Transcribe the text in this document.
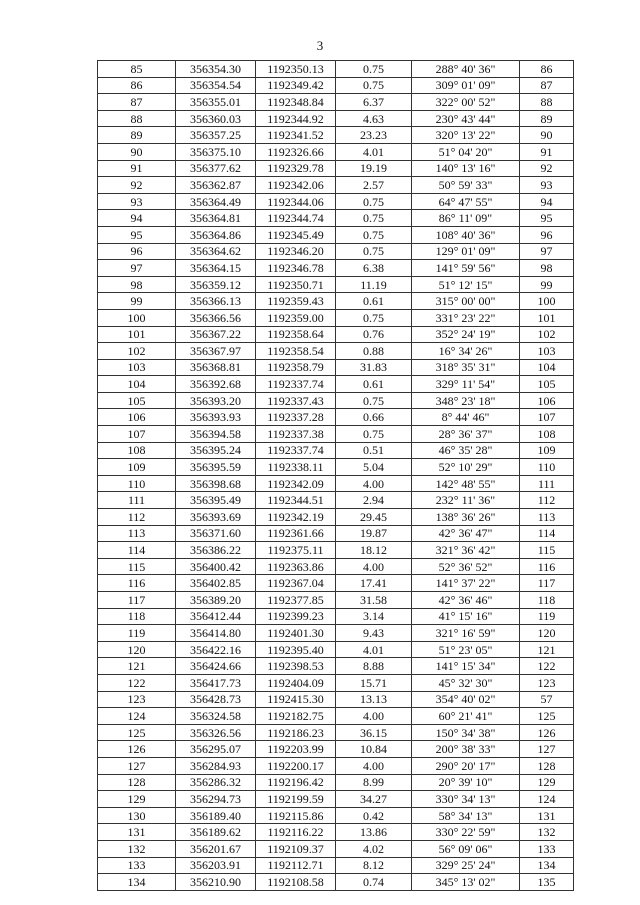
3
85	356354.30	1192350.13	0.75	288° 40' 36"	86
86	356354.54	1192349.42	0.75	309° 01' 09"	87
87	356355.01	1192348.84	6.37	322° 00' 52"	88
88	356360.03	1192344.92	4.63	230° 43' 44"	89
89	356357.25	1192341.52	23.23	320° 13' 22"	90
90	356375.10	1192326.66	4.01	51° 04' 20"	91
91	356377.62	1192329.78	19.19	140° 13' 16"	92
92	356362.87	1192342.06	2.57	50° 59' 33"	93
93	356364.49	1192344.06	0.75	64° 47' 55"	94
94	356364.81	1192344.74	0.75	86° 11' 09"	95
95	356364.86	1192345.49	0.75	108° 40' 36"	96
96	356364.62	1192346.20	0.75	129° 01' 09"	97
97	356364.15	1192346.78	6.38	141° 59' 56"	98
98	356359.12	1192350.71	11.19	51° 12' 15"	99
99	356366.13	1192359.43	0.61	315° 00' 00"	100
100	356366.56	1192359.00	0.75	331° 23' 22"	101
101	356367.22	1192358.64	0.76	352° 24' 19"	102
102	356367.97	1192358.54	0.88	16° 34' 26"	103
103	356368.81	1192358.79	31.83	318° 35' 31"	104
104	356392.68	1192337.74	0.61	329° 11' 54"	105
105	356393.20	1192337.43	0.75	348° 23' 18"	106
106	356393.93	1192337.28	0.66	8° 44' 46"	107
107	356394.58	1192337.38	0.75	28° 36' 37"	108
108	356395.24	1192337.74	0.51	46° 35' 28"	109
109	356395.59	1192338.11	5.04	52° 10' 29"	110
110	356398.68	1192342.09	4.00	142° 48' 55"	111
111	356395.49	1192344.51	2.94	232° 11' 36"	112
112	356393.69	1192342.19	29.45	138° 36' 26"	113
113	356371.60	1192361.66	19.87	42° 36' 47"	114
114	356386.22	1192375.11	18.12	321° 36' 42"	115
115	356400.42	1192363.86	4.00	52° 36' 52"	116
116	356402.85	1192367.04	17.41	141° 37' 22"	117
117	356389.20	1192377.85	31.58	42° 36' 46"	118
118	356412.44	1192399.23	3.14	41° 15' 16"	119
119	356414.80	1192401.30	9.43	321° 16' 59"	120
120	356422.16	1192395.40	4.01	51° 23' 05"	121
121	356424.66	1192398.53	8.88	141° 15' 34"	122
122	356417.73	1192404.09	15.71	45° 32' 30"	123
123	356428.73	1192415.30	13.13	354° 40' 02"	57
124	356324.58	1192182.75	4.00	60° 21' 41"	125
125	356326.56	1192186.23	36.15	150° 34' 38"	126
126	356295.07	1192203.99	10.84	200° 38' 33"	127
127	356284.93	1192200.17	4.00	290° 20' 17"	128
128	356286.32	1192196.42	8.99	20° 39' 10"	129
129	356294.73	1192199.59	34.27	330° 34' 13"	124
130	356189.40	1192115.86	0.42	58° 34' 13"	131
131	356189.62	1192116.22	13.86	330° 22' 59"	132
132	356201.67	1192109.37	4.02	56° 09' 06"	133
133	356203.91	1192112.71	8.12	329° 25' 24"	134
134	356210.90	1192108.58	0.74	345° 13' 02"	135
